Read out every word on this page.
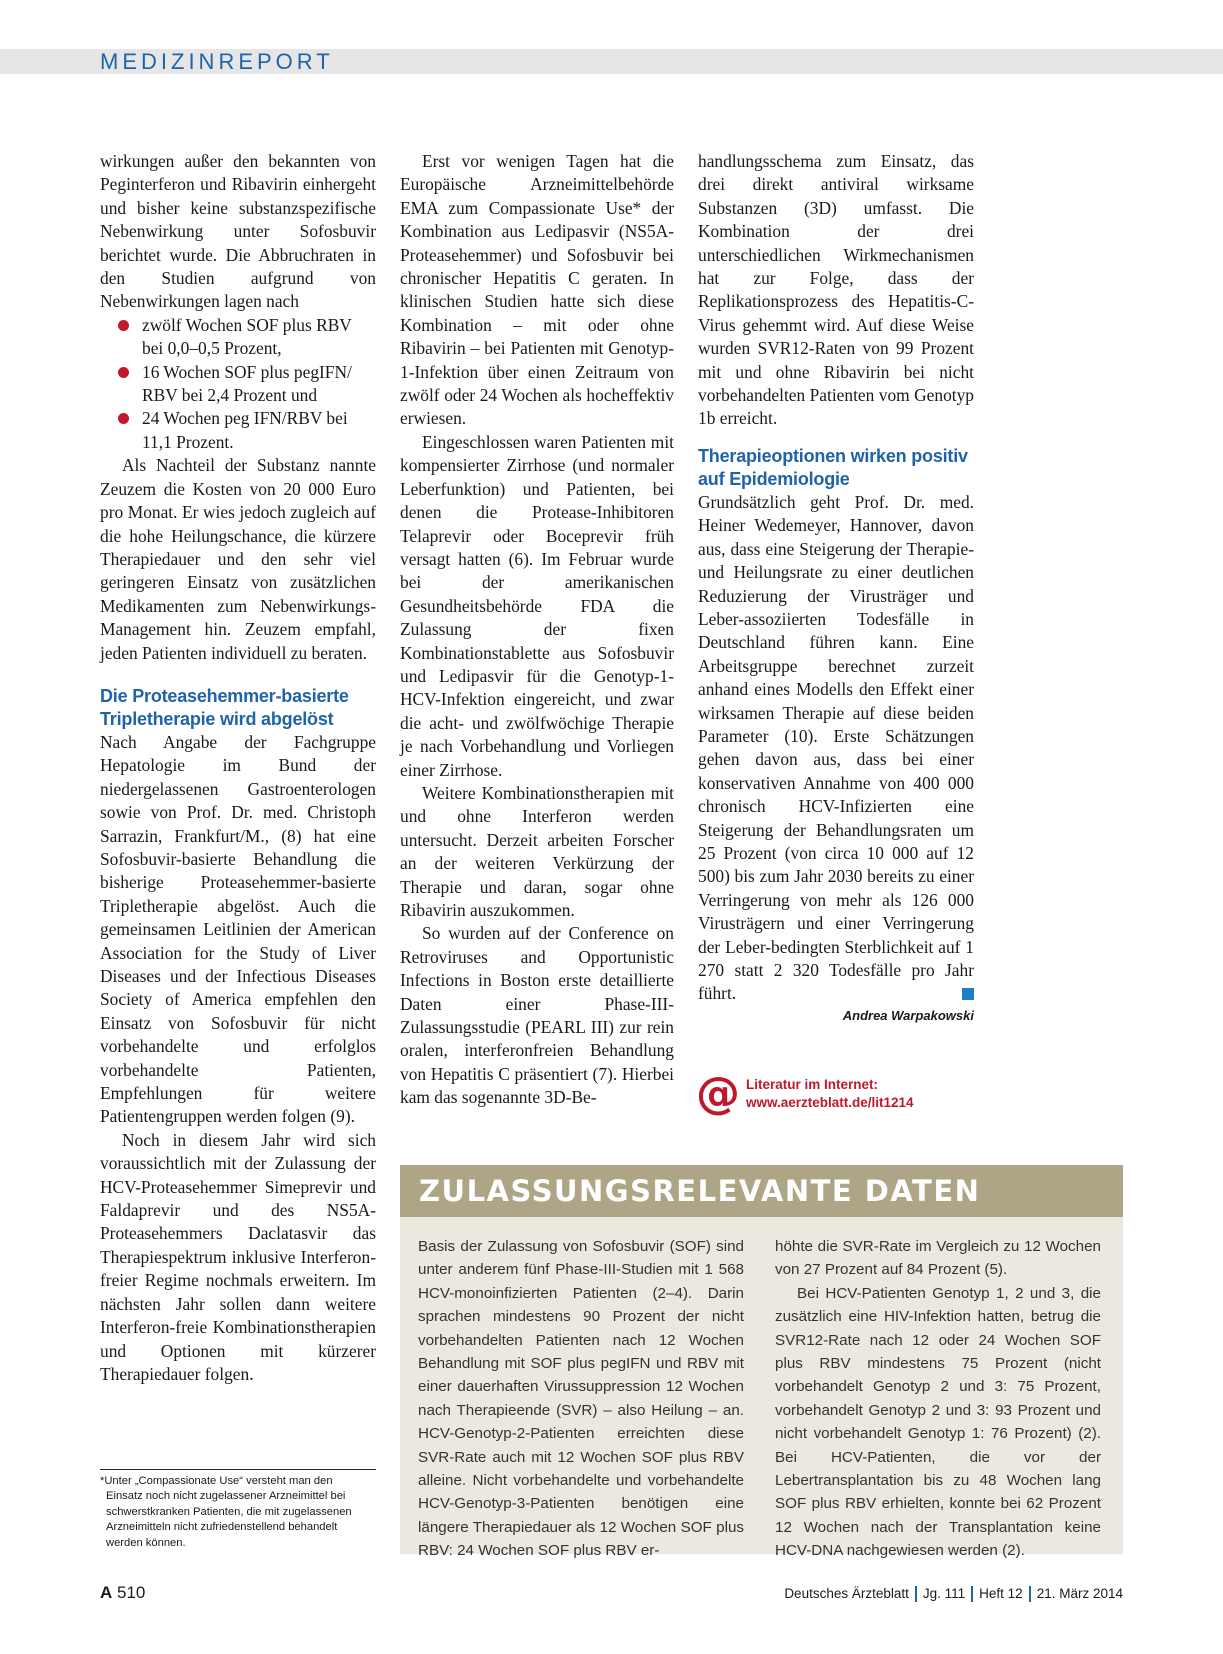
MEDIZINREPORT

wirkungen außer den bekannten von Peginterferon und Ribavirin einhergeht und bisher keine substanzspezifische Nebenwirkung unter Sofosbuvir berichtet wurde. Die Abbruchraten in den Studien aufgrund von Nebenwirkungen lagen nach

zwölf Wochen SOF plus RBV bei 0,0–0,5 Prozent,
16 Wochen SOF plus pegIFN/ RBV bei 2,4 Prozent und
24 Wochen peg IFN/RBV bei 11,1 Prozent.

Als Nachteil der Substanz nannte Zeuzem die Kosten von 20 000 Euro pro Monat. Er wies jedoch zugleich auf die hohe Heilungschance, die kürzere Therapiedauer und den sehr viel geringeren Einsatz von zusätzlichen Medikamenten zum Nebenwirkungs-Management hin. Zeuzem empfahl, jeden Patienten individuell zu beraten.

Die Proteasehemmer-basierte Tripletherapie wird abgelöst

Nach Angabe der Fachgruppe Hepatologie im Bund der niedergelassenen Gastroenterologen sowie von Prof. Dr. med. Christoph Sarrazin, Frankfurt/M., (8) hat eine Sofosbuvir-basierte Behandlung die bisherige Proteasehemmer-basierte Tripletherapie abgelöst. Auch die gemeinsamen Leitlinien der American Association for the Study of Liver Diseases und der Infectious Diseases Society of America empfehlen den Einsatz von Sofosbuvir für nicht vorbehandelte und erfolglos vorbehandelte Patienten, Empfehlungen für weitere Patientengruppen werden folgen (9).

Noch in diesem Jahr wird sich voraussichtlich mit der Zulassung der HCV-Proteasehemmer Simeprevir und Faldaprevir und des NS5A-Proteasehemmers Daclatasvir das Therapiespektrum inklusive Interferon-freier Regime nochmals erweitern. Im nächsten Jahr sollen dann weitere Interferon-freie Kombinationstherapien und Optionen mit kürzerer Therapiedauer folgen.

*Unter „Compassionate Use“ versteht man den
Einsatz noch nicht zugelassener Arzneimittel bei schwerstkranken Patienten, die mit zugelassenen Arzneimitteln nicht zufriedenstellend behandelt werden können.

Erst vor wenigen Tagen hat die Europäische Arzneimittelbehörde EMA zum Compassionate Use* der Kombination aus Ledipasvir (NS5A-Proteasehemmer) und Sofosbuvir bei chronischer Hepatitis C geraten. In klinischen Studien hatte sich diese Kombination – mit oder ohne Ribavirin – bei Patienten mit Genotyp-1-Infektion über einen Zeitraum von zwölf oder 24 Wochen als hocheffektiv erwiesen.

Eingeschlossen waren Patienten mit kompensierter Zirrhose (und normaler Leberfunktion) und Patienten, bei denen die Protease-Inhibitoren Telaprevir oder Boceprevir früh versagt hatten (6). Im Februar wurde bei der amerikanischen Gesundheitsbehörde FDA die Zulassung der fixen Kombinationstablette aus Sofosbuvir und Ledipasvir für die Genotyp-1-HCV-Infektion eingereicht, und zwar die acht- und zwölfwöchige Therapie je nach Vorbehandlung und Vorliegen einer Zirrhose.

Weitere Kombinationstherapien mit und ohne Interferon werden untersucht. Derzeit arbeiten Forscher an der weiteren Verkürzung der Therapie und daran, sogar ohne Ribavirin auszukommen.

So wurden auf der Conference on Retroviruses and Opportunistic Infections in Boston erste detaillierte Daten einer Phase-III-Zulassungsstudie (PEARL III) zur rein oralen, interferonfreien Behandlung von Hepatitis C präsentiert (7). Hierbei kam das sogenannte 3D-Be-

handlungsschema zum Einsatz, das drei direkt antiviral wirksame Substanzen (3D) umfasst. Die Kombination der drei unterschiedlichen Wirkmechanismen hat zur Folge, dass der Replikationsprozess des Hepatitis-C-Virus gehemmt wird. Auf diese Weise wurden SVR12-Raten von 99 Prozent mit und ohne Ribavirin bei nicht vorbehandelten Patienten vom Genotyp 1b erreicht.

Therapieoptionen wirken positiv auf Epidemiologie

Grundsätzlich geht Prof. Dr. med. Heiner Wedemeyer, Hannover, davon aus, dass eine Steigerung der Therapie- und Heilungsrate zu einer deutlichen Reduzierung der Virusträger und Leber-assoziierten Todesfälle in Deutschland führen kann. Eine Arbeitsgruppe berechnet zurzeit anhand eines Modells den Effekt einer wirksamen Therapie auf diese beiden Parameter (10). Erste Schätzungen gehen davon aus, dass bei einer konservativen Annahme von 400 000 chronisch HCV-Infizierten eine Steigerung der Behandlungsraten um 25 Prozent (von circa 10 000 auf 12 500) bis zum Jahr 2030 bereits zu einer Verringerung von mehr als 126 000 Virusträgern und einer Verringerung der Leber-bedingten Sterblichkeit auf 1 270 statt 2 320 Todesfälle pro Jahr führt.

Andrea Warpakowski
@ Literatur im Internet:
www.aerzteblatt.de/lit1214
ZULASSUNGSRELEVANTE DATEN

Basis der Zulassung von Sofosbuvir (SOF) sind unter anderem fünf Phase-III-Studien mit 1 568 HCV-monoinfizierten Patienten (2–4). Darin sprachen mindestens 90 Prozent der nicht vorbehandelten Patienten nach 12 Wochen Behandlung mit SOF plus pegIFN und RBV mit einer dauerhaften Virussuppression 12 Wochen nach Therapieende (SVR) – also Heilung – an. HCV-Genotyp-2-Patienten erreichten diese SVR-Rate auch mit 12 Wochen SOF plus RBV alleine. Nicht vorbehandelte und vorbehandelte HCV-Genotyp-3-Patienten benötigen eine längere Therapiedauer als 12 Wochen SOF plus RBV: 24 Wochen SOF plus RBV er-

höhte die SVR-Rate im Vergleich zu 12 Wochen von 27 Prozent auf 84 Prozent (5).

Bei HCV-Patienten Genotyp 1, 2 und 3, die zusätzlich eine HIV-Infektion hatten, betrug die SVR12-Rate nach 12 oder 24 Wochen SOF plus RBV mindestens 75 Prozent (nicht vorbehandelt Genotyp 2 und 3: 75 Prozent, vorbehandelt Genotyp 2 und 3: 93 Prozent und nicht vorbehandelt Genotyp 1: 76 Prozent) (2). Bei HCV-Patienten, die vor der Lebertransplantation bis zu 48 Wochen lang SOF plus RBV erhielten, konnte bei 62 Prozent 12 Wochen nach der Transplantation keine HCV-DNA nachgewiesen werden (2).

A 510	Deutsches Ärzteblatt Jg. 111 Heft 12 21. März 2014
